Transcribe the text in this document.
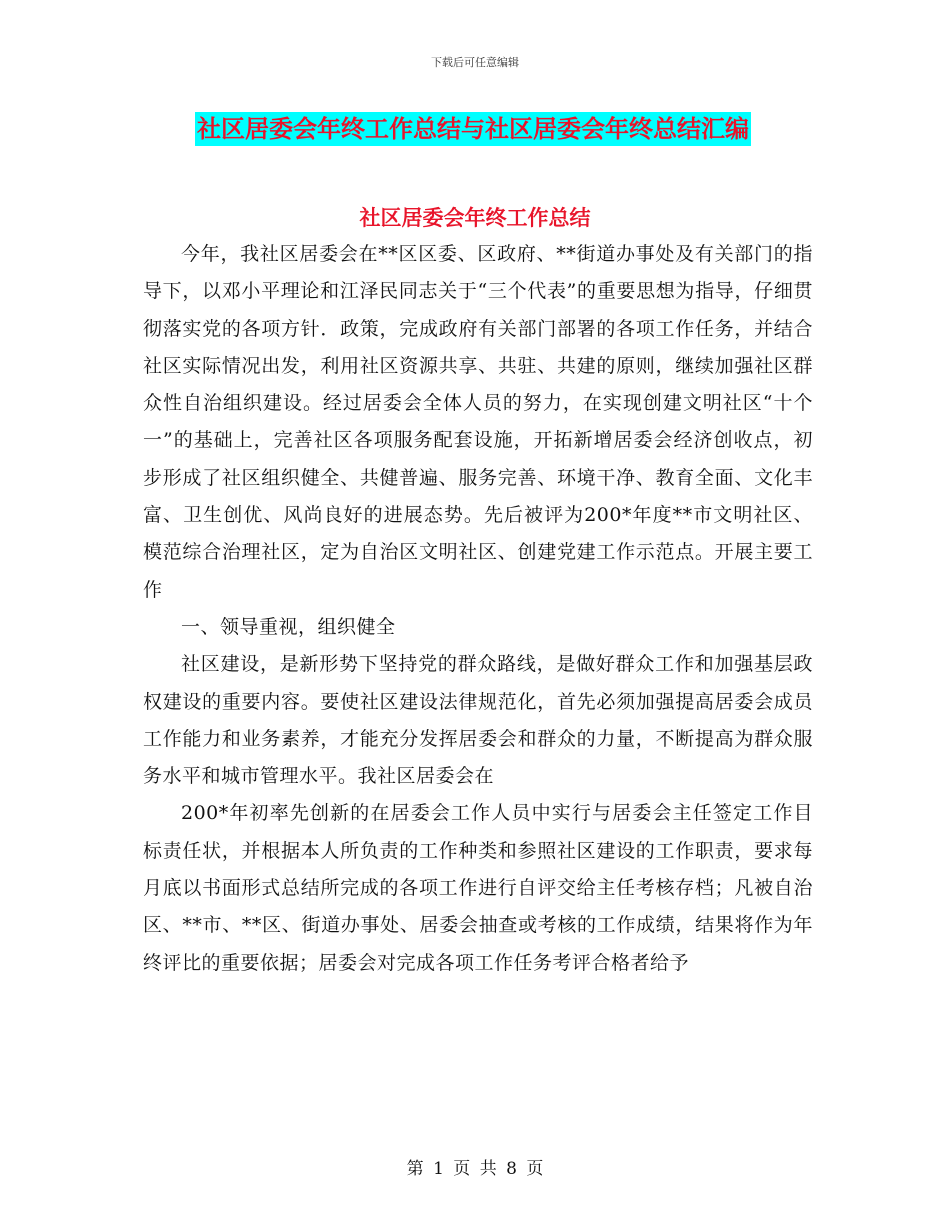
下载后可任意编辑
社区居委会年终工作总结与社区居委会年终总结汇编
社区居委会年终工作总结

今年，我社区居委会在**区区委、区政府、**街道办事处及有关部门的指导下，以邓小平理论和江泽民同志关于“三个代表”的重要思想为指导，仔细贯彻落实党的各项方针．政策，完成政府有关部门部署的各项工作任务，并结合社区实际情况出发，利用社区资源共享、共驻、共建的原则，继续加强社区群众性自治组织建设。经过居委会全体人员的努力，在实现创建文明社区“十个一”的基础上，完善社区各项服务配套设施，开拓新增居委会经济创收点，初步形成了社区组织健全、共健普遍、服务完善、环境干净、教育全面、文化丰富、卫生创优、风尚良好的进展态势。先后被评为200*年度**市文明社区、模范综合治理社区，定为自治区文明社区、创建党建工作示范点。开展主要工作

一、领导重视，组织健全

社区建设，是新形势下坚持党的群众路线，是做好群众工作和加强基层政权建设的重要内容。要使社区建设法律规范化，首先必须加强提高居委会成员工作能力和业务素养，才能充分发挥居委会和群众的力量，不断提高为群众服务水平和城市管理水平。我社区居委会在

200*年初率先创新的在居委会工作人员中实行与居委会主任签定工作目标责任状，并根据本人所负责的工作种类和参照社区建设的工作职责，要求每月底以书面形式总结所完成的各项工作进行自评交给主任考核存档；凡被自治区、**市、**区、街道办事处、居委会抽查或考核的工作成绩，结果将作为年终评比的重要依据；居委会对完成各项工作任务考评合格者给予

第 1 页 共 8 页
